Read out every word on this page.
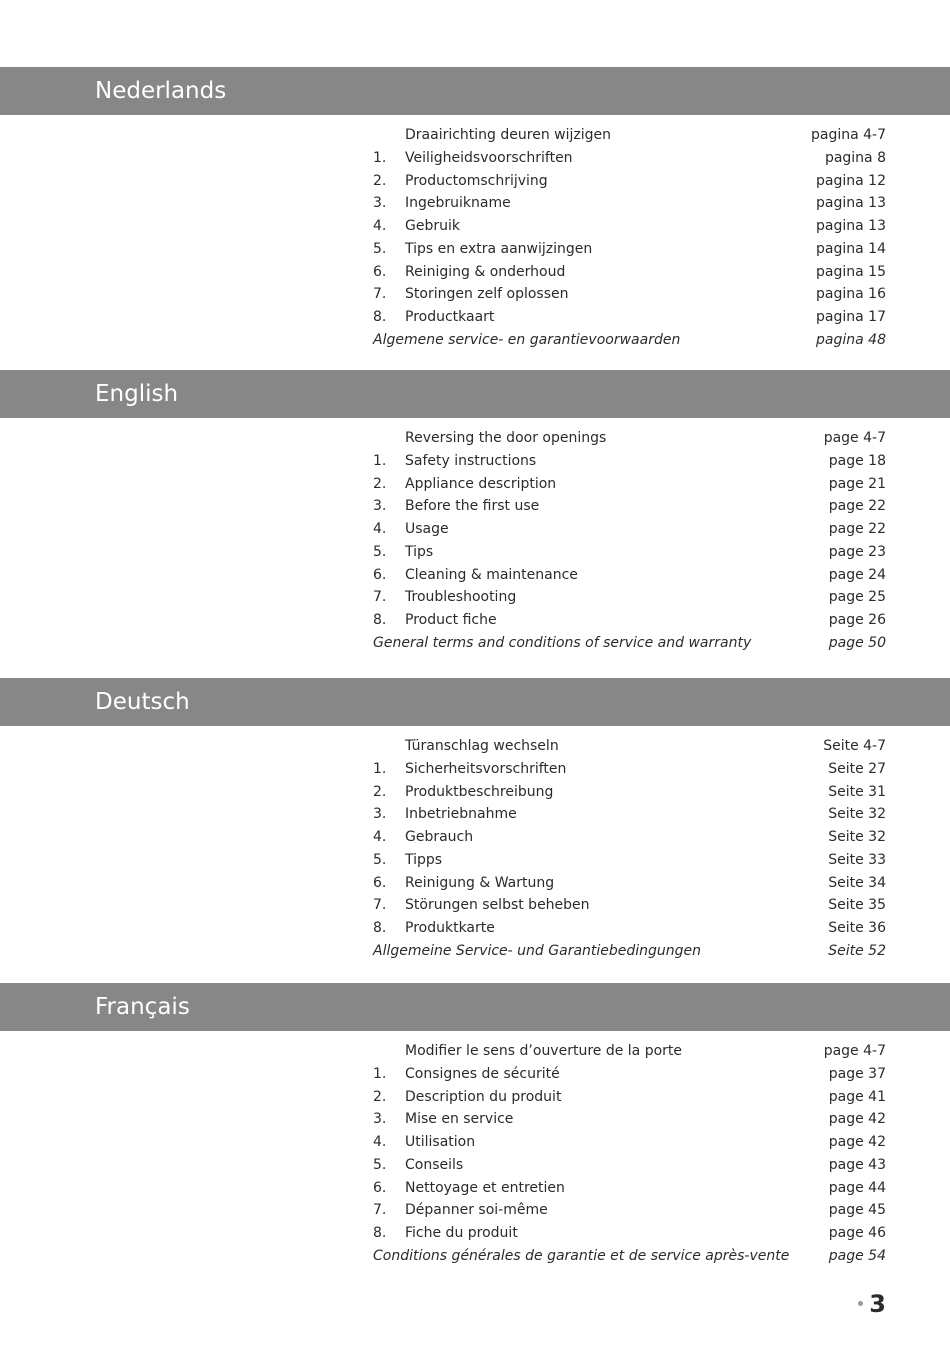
Nederlands
Draairichting deuren wijzigen	pagina 4-7
1. Veiligheidsvoorschriften	pagina 8
2. Productomschrijving	pagina 12
3. Ingebruikname	pagina 13
4. Gebruik	pagina 13
5. Tips en extra aanwijzingen	pagina 14
6. Reiniging & onderhoud	pagina 15
7. Storingen zelf oplossen	pagina 16
8. Productkaart	pagina 17
Algemene service- en garantievoorwaarden	pagina 48
English
Reversing the door openings	page 4-7
1. Safety instructions	page 18
2. Appliance description	page 21
3. Before the first use	page 22
4. Usage	page 22
5. Tips	page 23
6. Cleaning & maintenance	page 24
7. Troubleshooting	page 25
8. Product fiche	page 26
General terms and conditions of service and warranty	page 50
Deutsch
Türanschlag wechseln	Seite 4-7
1. Sicherheitsvorschriften	Seite 27
2. Produktbeschreibung	Seite 31
3. Inbetriebnahme	Seite 32
4. Gebrauch	Seite 32
5. Tipps	Seite 33
6. Reinigung & Wartung	Seite 34
7. Störungen selbst beheben	Seite 35
8. Produktkarte	Seite 36
Allgemeine Service- und Garantiebedingungen	Seite 52
Français
Modifier le sens d’ouverture de la porte	page 4-7
1. Consignes de sécurité	page 37
2. Description du produit	page 41
3. Mise en service	page 42
4. Utilisation	page 42
5. Conseils	page 43
6. Nettoyage et entretien	page 44
7. Dépanner soi-même	page 45
8. Fiche du produit	page 46
Conditions générales de garantie et de service après-vente	page 54
3
